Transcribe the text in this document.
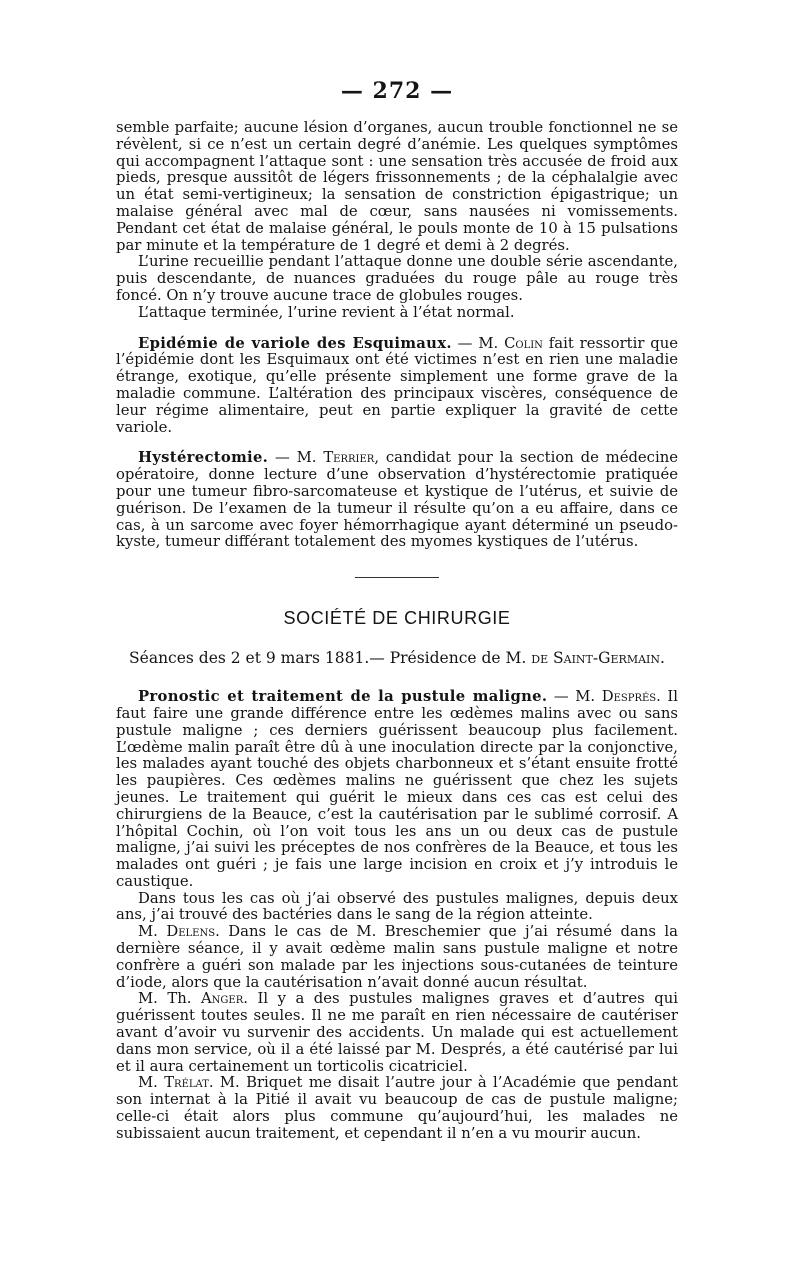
— 272 —

semble parfaite; aucune lésion d’organes, aucun trouble fonctionnel ne se révèlent, si ce n’est un certain degré d’anémie. Les quelques symptômes qui accompagnent l’attaque sont : une sensation très accusée de froid aux pieds, presque aussitôt de légers frissonnements ; de la céphalalgie avec un état semi-vertigineux; la sensation de constriction épigastrique; un malaise général avec mal de cœur, sans nausées ni vomissements. Pendant cet état de malaise général, le pouls monte de 10 à 15 pulsations par minute et la température de 1 degré et demi à 2 degrés.

L’urine recueillie pendant l’attaque donne une double série ascendante, puis descendante, de nuances graduées du rouge pâle au rouge très foncé. On n’y trouve aucune trace de globules rouges.

L’attaque terminée, l’urine revient à l’état normal.

Epidémie de variole des Esquimaux. — M. Colin fait ressortir que l’épidémie dont les Esquimaux ont été victimes n’est en rien une maladie étrange, exotique, qu’elle présente simplement une forme grave de la maladie commune. L’altération des principaux viscères, conséquence de leur régime alimentaire, peut en partie expliquer la gravité de cette variole.

Hystérectomie. — M. Terrier, candidat pour la section de médecine opératoire, donne lecture d’une observation d’hystérectomie pratiquée pour une tumeur fibro-sarcomateuse et kystique de l’utérus, et suivie de guérison. De l’examen de la tumeur il résulte qu’on a eu affaire, dans ce cas, à un sarcome avec foyer hémorrhagique ayant déterminé un pseudo-kyste, tumeur différant totalement des myomes kystiques de l’utérus.

SOCIÉTÉ DE CHIRURGIE
Séances des 2 et 9 mars 1881.— Présidence de M. de Saint-Germain.

Pronostic et traitement de la pustule maligne. — M. Després. Il faut faire une grande différence entre les œdèmes malins avec ou sans pustule maligne ; ces derniers guérissent beaucoup plus facilement. L’œdème malin paraît être dû à une inoculation directe par la conjonctive, les malades ayant touché des objets charbonneux et s’étant ensuite frotté les paupières. Ces œdèmes malins ne guérissent que chez les sujets jeunes. Le traitement qui guérit le mieux dans ces cas est celui des chirurgiens de la Beauce, c’est la cautérisation par le sublimé corrosif. A l’hôpital Cochin, où l’on voit tous les ans un ou deux cas de pustule maligne, j’ai suivi les préceptes de nos confrères de la Beauce, et tous les malades ont guéri ; je fais une large incision en croix et j’y introduis le caustique.

Dans tous les cas où j’ai observé des pustules malignes, depuis deux ans, j’ai trouvé des bactéries dans le sang de la région atteinte.

M. Delens. Dans le cas de M. Breschemier que j’ai résumé dans la dernière séance, il y avait œdème malin sans pustule maligne et notre confrère a guéri son malade par les injections sous-cutanées de teinture d’iode, alors que la cautérisation n’avait donné aucun résultat.

M. Th. Anger. Il y a des pustules malignes graves et d’autres qui guérissent toutes seules. Il ne me paraît en rien nécessaire de cautériser avant d’avoir vu survenir des accidents. Un malade qui est actuellement dans mon service, où il a été laissé par M. Després, a été cautérisé par lui et il aura certainement un torticolis cicatriciel.

M. Trélat. M. Briquet me disait l’autre jour à l’Académie que pendant son internat à la Pitié il avait vu beaucoup de cas de pustule maligne; celle-ci était alors plus commune qu’aujourd’hui, les malades ne subissaient aucun traitement, et cependant il n’en a vu mourir aucun.
